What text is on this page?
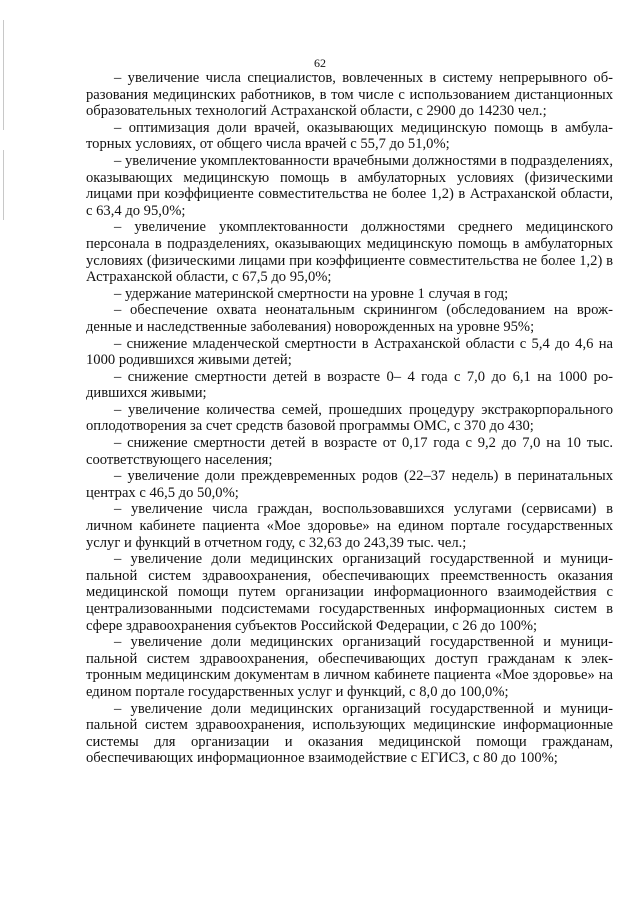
62

– увеличение числа специалистов, вовлеченных в систему непрерывного образования медицинских работников, в том числе с использованием дистанционных образовательных технологий Астраханской области, с 2900 до 14230 чел.;

– оптимизация доли врачей, оказывающих медицинскую помощь в амбулаторных условиях, от общего числа врачей с 55,7 до 51,0%;

– увеличение укомплектованности врачебными должностями в подразделениях, оказывающих медицинскую помощь в амбулаторных условиях (физическими лицами при коэффициенте совместительства не более 1,2) в Астраханской области, с 63,4 до 95,0%;

– увеличение укомплектованности должностями среднего медицинского персонала в подразделениях, оказывающих медицинскую помощь в амбулаторных условиях (физическими лицами при коэффициенте совместительства не более 1,2) в Астраханской области, с 67,5 до 95,0%;

– удержание материнской смертности на уровне 1 случая в год;

– обеспечение охвата неонатальным скринингом (обследованием на врожденные и наследственные заболевания) новорожденных на уровне 95%;

– снижение младенческой смертности в Астраханской области с 5,4 до 4,6 на 1000 родившихся живыми детей;

– снижение смертности детей в возрасте 0– 4 года с 7,0 до 6,1 на 1000 родившихся живыми;

– увеличение количества семей, прошедших процедуру экстракорпорального оплодотворения за счет средств базовой программы ОМС, с 370 до 430;

– снижение смертности детей в возрасте от 0,17 года с 9,2 до 7,0 на 10 тыс. соответствующего населения;

– увеличение доли преждевременных родов (22–37 недель) в перинатальных центрах с 46,5 до 50,0%;

– увеличение числа граждан, воспользовавшихся услугами (сервисами) в личном кабинете пациента «Мое здоровье» на едином портале государственных услуг и функций в отчетном году, с 32,63 до 243,39 тыс. чел.;

– увеличение доли медицинских организаций государственной и муниципальной систем здравоохранения, обеспечивающих преемственность оказания медицинской помощи путем организации информационного взаимодействия с централизованными подсистемами государственных информационных систем в сфере здравоохранения субъектов Российской Федерации, с 26 до 100%;

– увеличение доли медицинских организаций государственной и муниципальной систем здравоохранения, обеспечивающих доступ гражданам к электронным медицинским документам в личном кабинете пациента «Мое здоровье» на едином портале государственных услуг и функций, с 8,0 до 100,0%;

– увеличение доли медицинских организаций государственной и муниципальной систем здравоохранения, использующих медицинские информационные системы для организации и оказания медицинской помощи гражданам, обеспечивающих информационное взаимодействие с ЕГИСЗ, с 80 до 100%;
